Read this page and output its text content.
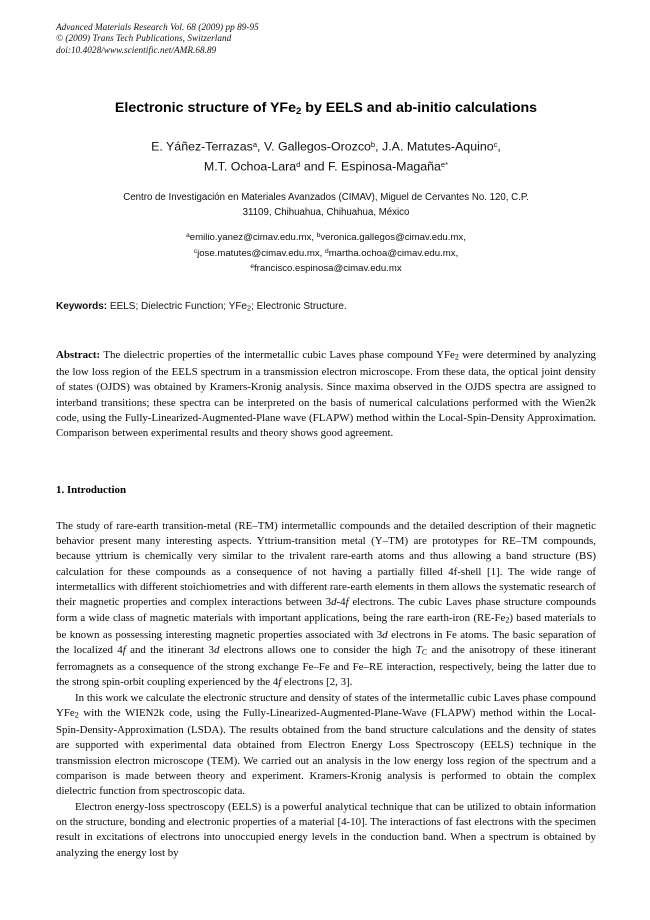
Advanced Materials Research Vol. 68 (2009) pp 89-95
© (2009) Trans Tech Publications, Switzerland
doi:10.4028/www.scientific.net/AMR.68.89
Electronic structure of YFe$_2$ by EELS and ab-initio calculations
E. Yáñez-Terrazas$^a$, V. Gallegos-Orozco$^b$, J.A. Matutes-Aquino$^c$,
M.T. Ochoa-Lara$^d$ and F. Espinosa-Magaña$^{e*}$
Centro de Investigación en Materiales Avanzados (CIMAV), Miguel de Cervantes No. 120, C.P.
31109, Chihuahua, Chihuahua, México
$^a$emilio.yanez@cimav.edu.mx, $^b$veronica.gallegos@cimav.edu.mx,
$^c$jose.matutes@cimav.edu.mx, $^d$martha.ochoa@cimav.edu.mx,
$^e$francisco.espinosa@cimav.edu.mx
Keywords: EELS; Dielectric Function; YFe$_2$; Electronic Structure.
Abstract: The dielectric properties of the intermetallic cubic Laves phase compound YFe$_2$ were determined by analyzing the low loss region of the EELS spectrum in a transmission electron microscope. From these data, the optical joint density of states (OJDS) was obtained by Kramers-Kronig analysis. Since maxima observed in the OJDS spectra are assigned to interband transitions; these spectra can be interpreted on the basis of numerical calculations performed with the Wien2k code, using the Fully-Linearized-Augmented-Plane wave (FLAPW) method within the Local-Spin-Density Approximation. Comparison between experimental results and theory shows good agreement.
1. Introduction

The study of rare-earth transition-metal (RE–TM) intermetallic compounds and the detailed description of their magnetic behavior present many interesting aspects. Yttrium-transition metal (Y–TM) are prototypes for RE–TM compounds, because yttrium is chemically very similar to the trivalent rare-earth atoms and thus allowing a band structure (BS) calculation for these compounds as a consequence of not having a partially filled 4f-shell [1]. The wide range of intermetallics with different stoichiometries and with different rare-earth elements in them allows the systematic research of their magnetic properties and complex interactions between 3d-4f electrons. The cubic Laves phase structure compounds form a wide class of magnetic materials with important applications, being the rare earth-iron $(RE-Fe_2)$ based materials to be known as possessing interesting magnetic properties associated with 3d electrons in Fe atoms. The basic separation of the localized 4f and the itinerant 3d electrons allows one to consider the high $T_C$ and the anisotropy of these itinerant ferromagnets as a consequence of the strong exchange Fe–Fe and Fe–RE interaction, respectively, being the latter due to the strong spin-orbit coupling experienced by the 4f electrons [2, 3].

In this work we calculate the electronic structure and density of states of the intermetallic cubic Laves phase compound YFe$_2$ with the WIEN2k code, using the Fully-Linearized-Augmented-Plane-Wave (FLAPW) method within the Local-Spin-Density-Approximation (LSDA). The results obtained from the band structure calculations and the density of states are supported with experimental data obtained from Electron Energy Loss Spectroscopy (EELS) technique in the transmission electron microscope (TEM). We carried out an analysis in the low energy loss region of the spectrum and a comparison is made between theory and experiment. Kramers-Kronig analysis is performed to obtain the complex dielectric function from spectroscopic data.

Electron energy-loss spectroscopy (EELS) is a powerful analytical technique that can be utilized to obtain information on the structure, bonding and electronic properties of a material [4-10]. The interactions of fast electrons with the specimen result in excitations of electrons into unoccupied energy levels in the conduction band. When a spectrum is obtained by analyzing the energy lost by
